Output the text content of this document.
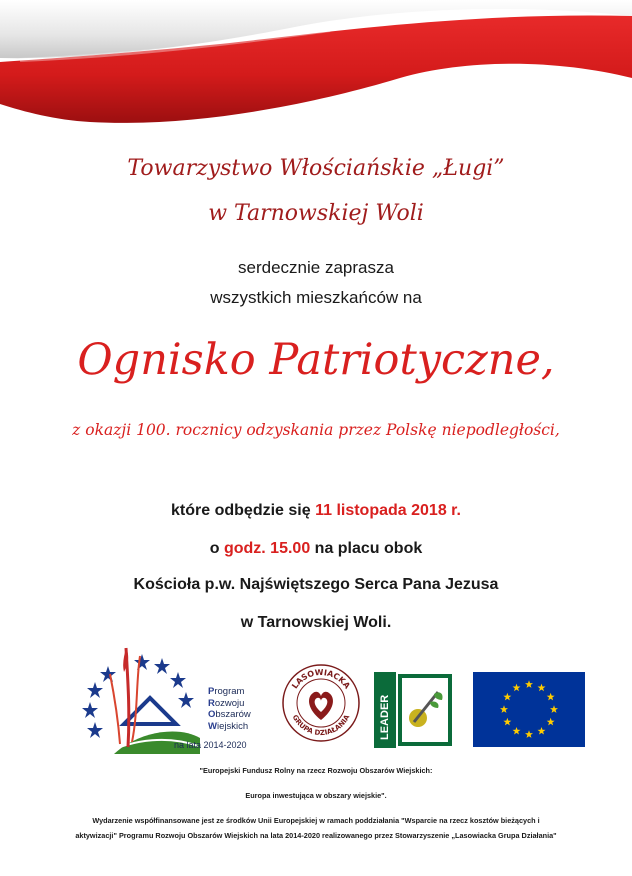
Towarzystwo Włościańskie „Ługi”

w Tarnowskiej Woli

serdecznie zaprasza

wszystkich mieszkańców na

Ognisko Patriotyczne,

z okazji 100. rocznicy odzyskania przez Polskę niepodległości,

które odbędzie się 11 listopada 2018 r.

o godz. 15.00 na placu obok

Kościoła p.w. Najświętszego Serca Pana Jezusa

w Tarnowskiej Woli.

Program
Rozwoju
Obszarów
Wiejskich
na lata 2014-2020
LASOWIACKA
GRUPA DZIAŁANIA	LEADER

"Europejski Fundusz Rolny na rzecz Rozwoju Obszarów Wiejskich:

Europa inwestująca w obszary wiejskie".

Wydarzenie współfinansowane jest ze środków Unii Europejskiej w ramach poddziałania "Wsparcie na rzecz kosztów bieżących i

aktywizacji" Programu Rozwoju Obszarów Wiejskich na lata 2014-2020 realizowanego przez Stowarzyszenie „Lasowiacka Grupa Działania"
